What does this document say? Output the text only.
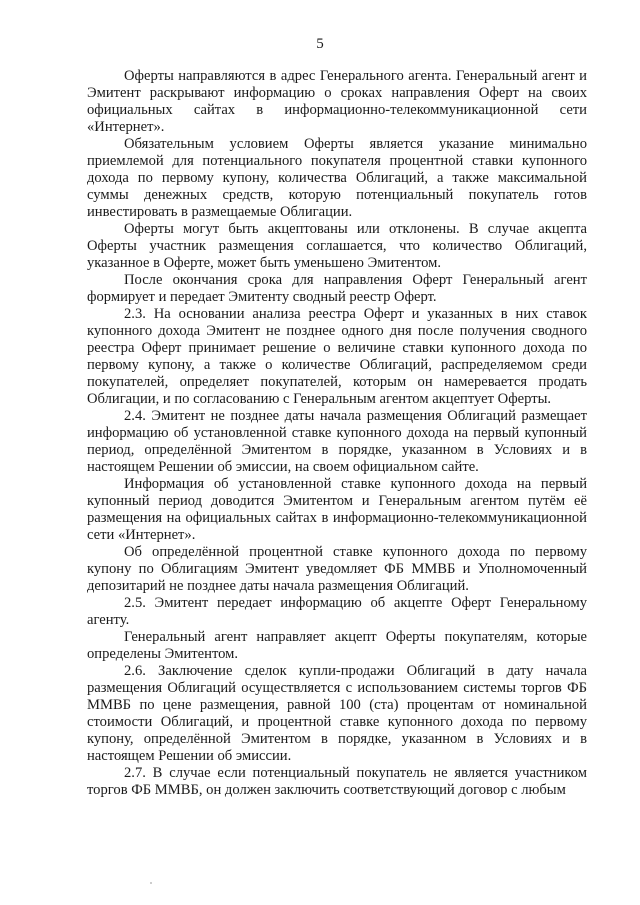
5

Оферты направляются в адрес Генерального агента. Генеральный агент и Эмитент раскрывают информацию о сроках направления Оферт на своих официальных сайтах в информационно-телекоммуникационной сети «Интернет».

Обязательным условием Оферты является указание минимально приемлемой для потенциального покупателя процентной ставки купонного дохода по первому купону, количества Облигаций, а также максимальной суммы денежных средств, которую потенциальный покупатель готов инвестировать в размещаемые Облигации.

Оферты могут быть акцептованы или отклонены. В случае акцепта Оферты участник размещения соглашается, что количество Облигаций, указанное в Оферте, может быть уменьшено Эмитентом.

После окончания срока для направления Оферт Генеральный агент формирует и передает Эмитенту сводный реестр Оферт.

2.3. На основании анализа реестра Оферт и указанных в них ставок купонного дохода Эмитент не позднее одного дня после получения сводного реестра Оферт принимает решение о величине ставки купонного дохода по первому купону, а также о количестве Облигаций, распределяемом среди покупателей, определяет покупателей, которым он намеревается продать Облигации, и по согласованию с Генеральным агентом акцептует Оферты.

2.4. Эмитент не позднее даты начала размещения Облигаций размещает информацию об установленной ставке купонного дохода на первый купонный период, определённой Эмитентом в порядке, указанном в Условиях и в настоящем Решении об эмиссии, на своем официальном сайте.

Информация об установленной ставке купонного дохода на первый купонный период доводится Эмитентом и Генеральным агентом путём её размещения на официальных сайтах в информационно-телекоммуникационной сети «Интернет».

Об определённой процентной ставке купонного дохода по первому купону по Облигациям Эмитент уведомляет ФБ ММВБ и Уполномоченный депозитарий не позднее даты начала размещения Облигаций.

2.5. Эмитент передает информацию об акцепте Оферт Генеральному агенту.

Генеральный агент направляет акцепт Оферты покупателям, которые определены Эмитентом.

2.6. Заключение сделок купли-продажи Облигаций в дату начала размещения Облигаций осуществляется с использованием системы торгов ФБ ММВБ по цене размещения, равной 100 (ста) процентам от номинальной стоимости Облигаций, и процентной ставке купонного дохода по первому купону, определённой Эмитентом в порядке, указанном в Условиях и в настоящем Решении об эмиссии.

2.7. В случае если потенциальный покупатель не является участником торгов ФБ ММВБ, он должен заключить соответствующий договор с любым
